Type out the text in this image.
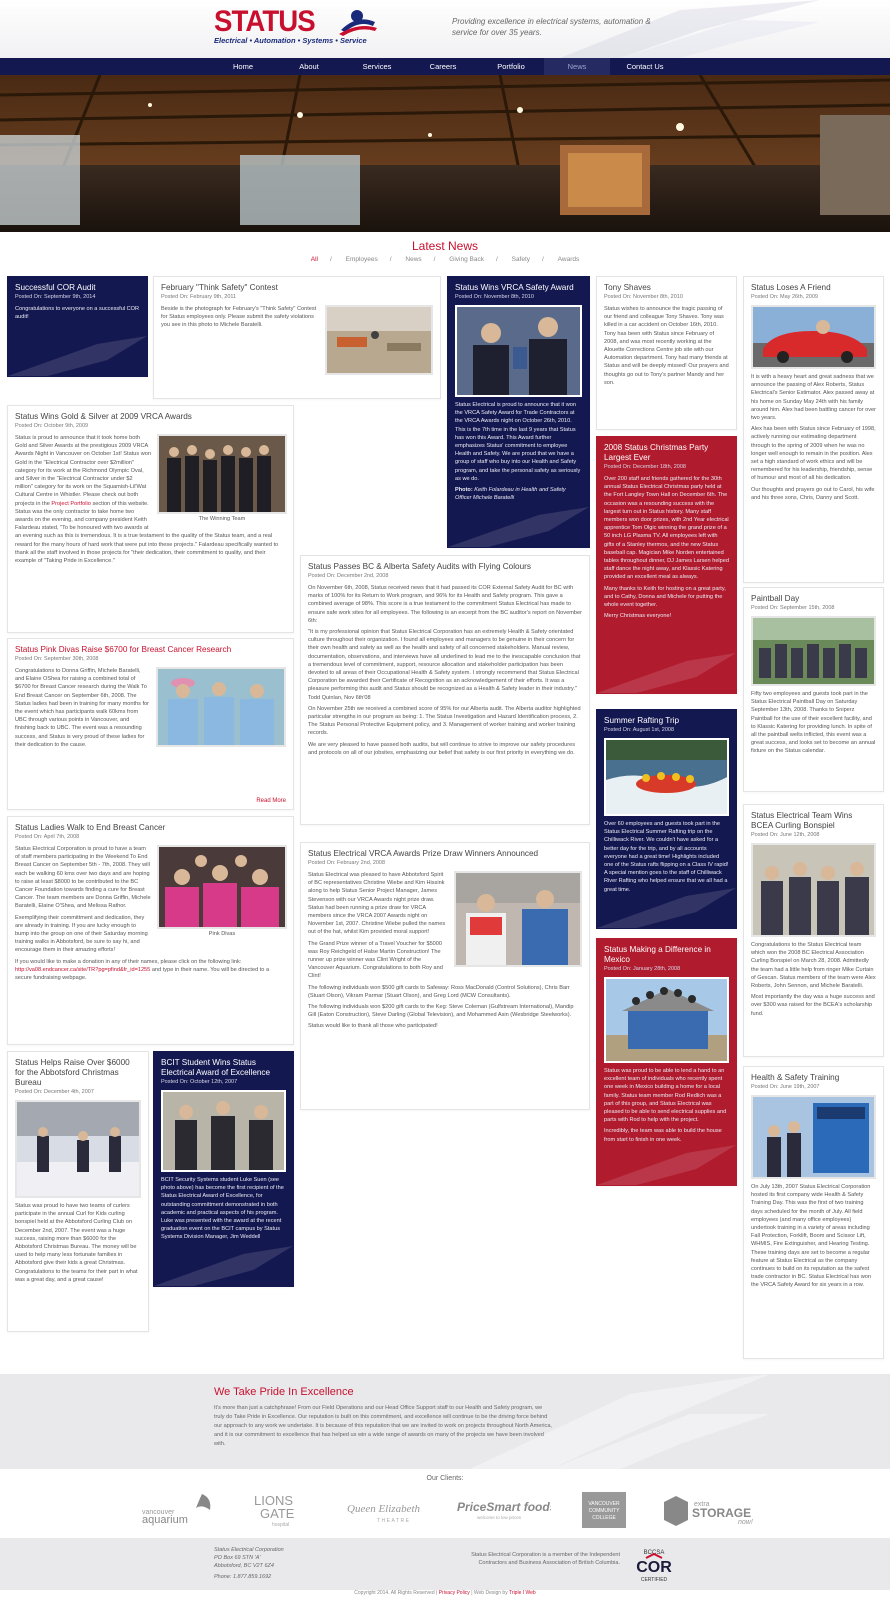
STATUS
Electrical • Automation • Systems • Service
Providing excellence in electrical systems, automation & service for over 35 years.
Home	About	Services	Careers	Portfolio	News	Contact Us
Latest News
All / Employees / News / Giving Back / Safety / Awards
Successful COR Audit
Posted On: September 9th, 2014

Congratulations to everyone on a successful COR audit!

February "Think Safety" Contest
Posted On: February 9th, 2011

Beside is the photograph for February's "Think Safety" Contest for Status employees only. Please submit the safety violations you see in this photo to Michele Baratelli.

Status Wins Gold & Silver at 2009 VRCA Awards
Posted On: October 9th, 2009
The Winning Team

Status is proud to announce that it took home both Gold and Silver Awards at the prestigious 2009 VRCA Awards Night in Vancouver on October 1st! Status won Gold in the "Electrical Contractor over $2million" category for its work at the Richmond Olympic Oval, and Silver in the "Electrical Contractor under $2 million" category for its work on the Squamish-Lil'Wat Cultural Centre in Whistler. Please check out both projects in the Project Portfolio section of this website. Status was the only contractor to take home two awards on the evening, and company president Keith Falardeau stated, "To be honoured with two awards at an evening such as this is tremendous. It is a true testament to the quality of the Status team, and a real reward for the many hours of hard work that were put into these projects." Falardeau specifically wanted to thank all the staff involved in those projects for "their dedication, their commitment to quality, and their example of "Taking Pride in Excellence."

Status Pink Divas Raise $6700 for Breast Cancer Research
Posted On: September 30th, 2008

Congratulations to Donna Griffin, Michele Baratelli, and Elaine OShea for raising a combined total of $6700 for Breast Cancer research during the Walk To End Breast Cancer on September 6th, 2008. The Status ladies had been in training for many months for the event which has participants walk 60kms from UBC through various points in Vancouver, and finishing back to UBC. The event was a resounding success, and Status is very proud of these ladies for their dedication to the cause.

Read More
Status Ladies Walk to End Breast Cancer
Posted On: April 7th, 2008
Pink Divas

Status Electrical Corporation is proud to have a team of staff members participating in the Weekend To End Breast Cancer on September 5th - 7th, 2008. They will each be walking 60 kms over two days and are hoping to raise at least $8000 to be contributed to the BC Cancer Foundation towards finding a cure for Breast Cancer. The team members are Donna Griffin, Michele Baratelli, Elaine O'Shea, and Melissa Rathor.

Exemplifying their committment and dedication, they are already in training. If you are lucky enough to bump into the group on one of their Saturday morning training walks in Abbotsford, be sure to say hi, and encourage them in their amazing efforts!

If you would like to make a donation in any of their names, please click on the following link: http://va08.endcancer.ca/site/TR?pg=pfind&fr_id=1255 and type in their name. You will be directed to a secure fundraising webpage.

Status Helps Raise Over $6000 for the Abbotsford Christmas Bureau
Posted On: December 4th, 2007

Status was proud to have two teams of curlers participate in the annual Curl for Kids curling bonspiel held at the Abbotsford Curling Club on December 2nd, 2007. The event was a huge success, raising more than $6000 for the Abbotsford Christmas Bureau. The money will be used to help many less fortunate families in Abbotsford give their kids a great Christmas. Congratulations to the teams for their part in what was a great day, and a great cause!

BCIT Student Wins Status Electrical Award of Excellence
Posted On: October 12th, 2007

BCIT Security Systems student Luke Suen (see photo above) has become the first recipient of the Status Electrical Award of Excellence, for outstanding committment demonstrated in both academic and practical aspects of his program. Luke was presented with the award at the recent graduation event on the BCIT campus by Status Systems Division Manager, Jim Weddell

Status Passes BC & Alberta Safety Audits with Flying Colours
Posted On: December 2nd, 2008

On November 6th, 2008, Status received news that it had passed its COR External Safety Audit for BC with marks of 100% for its Return to Work program, and 96% for its Health and Safety program. This gave a combined average of 98%. This score is a true testament to the commitment Status Electrical has made to ensure safe work sites for all employees. The following is an excerpt from the BC auditor's report on November 6th:

"It is my professional opinion that Status Electrical Corporation has an extremely Health & Safety orientated culture throughout their organization. I found all employees and managers to be genuine in their concern for their own health and safety as well as the health and safety of all concerned stakeholders. Manual review, documentation, observations, and interviews have all underlined to lead me to the inescapable conclusion that a tremendous level of commitment, support, resource allocation and stakeholder participation has been devoted to all areas of their Occupational Health & Safety system. I strongly recommend that Status Electrical Corporation be awarded their Certificate of Recognition as an acknowledgement of their efforts. It was a pleasure performing this audit and Status should be recognized as a Health & Safety leader in their industry." Todd Quinlan, Nov 6th'08

On November 25th we received a combined score of 95% for our Alberta audit. The Alberta auditor highlighted particular strengths in our program as being: 1. The Status Investigation and Hazard Identification process, 2. The Status Personal Protective Equipment policy, and 3. Management of worker training and worker training records.

We are very pleased to have passed both audits, but will continue to strive to improve our safety procedures and protocols on all of our jobsites, emphasizing our belief that safety is our first priority in everything we do.

Status Electrical VRCA Awards Prize Draw Winners Announced
Posted On: February 2nd, 2008

Status Electrical was pleased to have Abbotsford Spirit of BC representatives Christine Wiebe and Kim Hissink along to help Status Senior Project Manager, James Stevenson with our VRCA Awards night prize draw. Status had been running a prize draw for VRCA members since the VRCA 2007 Awards night on November 1st, 2007. Christine Wiebe pulled the names out of the hat, whilst Kim provided moral support!

The Grand Prize winner of a Travel Voucher for $5000 was Roy Reichgeld of Halse Martin Construction! The runner up prize winner was Clint Wright of the Vancouver Aquarium. Congratulations to both Roy and Clint!

The following individuals won $500 gift cards to Safeway: Ross MacDonald (Control Solutions), Chris Barr (Stuart Olson), Vikram Parmar (Stuart Olson), and Greg Lord (MCW Consultants).

The following individuals won $200 gift cards to the Keg: Steve Coleman (Gulfstream International), Mandip Gill (Eaton Construction), Steve Darling (Global Television), and Mohammed Asin (Wesbridge Steelworks).

Status would like to thank all those who participated!

Status Wins VRCA Safety Award
Posted On: November 8th, 2010

Status Electrical is proud to announce that it won the VRCA Safety Award for Trade Contractors at the VRCA Awards night on October 26th, 2010. This is the 7th time in the last 9 years that Status has won this Award. This Award further emphasizes Status' commitment to employee Health and Safety. We are proud that we have a group of staff who buy into our Health and Safety program, and take the personal safety as seriously as we do.

Photo: Keith Folardeau in Health and Safety Officer Michele Baratelli

Tony Shaves
Posted On: November 8th, 2010

Status wishes to announce the tragic passing of our friend and colleague Tony Shaves. Tony was killed in a car accident on October 16th, 2010. Tony has been with Status since February of 2008, and was most recently working at the Alouette Corrections Centre job site with our Automation department. Tony had many friends at Status and will be deeply missed! Our prayers and thoughts go out to Tony's partner Mandy and her son.

2008 Status Christmas Party Largest Ever
Posted On: December 18th, 2008

Over 200 staff and friends gathered for the 30th annual Status Electrical Christmas party held at the Fort Langley Town Hall on December 6th. The occasion was a resounding success with the largest turn out in Status history. Many staff members won door prizes, with 2nd Year electrical apprentice Tom Olgic winning the grand prize of a 50 inch LG Plasma TV. All employees left with gifts of a Stanley thermos, and the new Status baseball cap. Magician Mike Norden entertained tables throughout dinner, DJ James Larsen helped staff dance the night away, and Klassic Katering provided an excellent meal as always.

Many thanks to Keith for hosting on a great party, and to Cathy, Donna and Michele for putting the whole event together.

Merry Christmas everyone!

Summer Rafting Trip
Posted On: August 1st, 2008

Over 60 employees and guests took part in the Status Electrical Summer Rafting trip on the Chilliwack River. We couldn't have asked for a better day for the trip, and by all accounts everyone had a great time! Highlights included one of the Status rafts flipping on a Class IV rapid! A special mention goes to the staff of Chilliwack River Rafting who helped ensure that we all had a great time.

Status Making a Difference in Mexico
Posted On: January 28th, 2008

Status was proud to be able to lend a hand to an excellent team of individuals who recently spent one week in Mexico building a home for a local family. Status team member Rod Redlich was a part of this group, and Status Electrical was pleased to be able to send electrical supplies and parts with Rod to help with the project.

Incredibly, the team was able to build the house from start to finish in one week.

Status Loses A Friend
Posted On: May 26th, 2009

It is with a heavy heart and great sadness that we announce the passing of Alex Roberts, Status Electrical's Senior Estimator. Alex passed away at his home on Sunday May 24th with his family around him. Alex had been battling cancer for over two years.

Alex has been with Status since February of 1998, actively running our estimating department through to the spring of 2009 when he was no longer well enough to remain in the position. Alex set a high standard of work ethics and will be remembered for his leadership, friendship, sense of humour and most of all his dedication.

Our thoughts and prayers go out to Carol, his wife and his three sons, Chris, Danny and Scott.

Paintball Day
Posted On: September 15th, 2008

Fifty two employees and guests took part in the Status Electrical Paintball Day on Saturday September 13th, 2008. Thanks to Sniperz Paintball for the use of their excellent facility, and to Klassic Katering for providing lunch. In spite of all the paintball welts inflicted, this event was a great success, and looks set to become an annual fixture on the Status calendar.

Status Electrical Team Wins BCEA Curling Bonspiel
Posted On: June 12th, 2008

Congratulations to the Status Electrical team which won the 2008 BC Electrical Association Curling Bonspiel on March 28, 2008. Admittedly the team had a little help from ringer Mike Curtain of Gescan. Status members of the team were Alex Roberts, John Sennon, and Michele Baratelli.

Most importantly the day was a huge success and over $300 was raised for the BCEA's scholarship fund.

Health & Safety Training
Posted On: June 19th, 2007

On July 13th, 2007 Status Electrical Corporation hosted its first company wide Health & Safety Training Day. This was the first of two training days scheduled for the month of July. All field employees (and many office employees) undertook training in a variety of areas including Fall Protection, Forklift, Boom and Scissor Lift, WHMIS, Fire Extinguisher, and Hearing Testing. These training days are set to become a regular feature at Status Electrical as the company continues to build on its reputation as the safest trade contractor in BC. Status Electrical has won the VRCA Safety Award for six years in a row.

We Take Pride In Excellence

It's more than just a catchphrase! From our Field Operations and our Head Office Support staff to our Health and Safety program, we truly do Take Pride in Excellence. Our reputation is built on this commitment, and excellence will continue to be the driving force behind our approach to any work we undertake. It is because of this reputation that we are invited to work on projects throughout North America, and it is our commitment to excellence that has helped us win a wide range of awards on many of the projects we have been involved with.

Our Clients:
vancouver
aquarium
LIONS
GATE
hospital
Queen Elizabeth
THEATRE
PriceSmart foods
welcome to low prices
VANCOUVER
COMMUNITY
COLLEGE
extra
STORAGE
now!
Status Electrical Corporation
PO Box 69 STN 'A'
Abbotsford, BC V2T 6Z4
Phone: 1.877.859.1692
Status Electrical Corporation is a member of the Independent Contractors and Business Association of British Columbia.
BCCSA
COR
CERTIFIED
Copyright 2014. All Rights Reserved | Privacy Policy | Web Design by Triple I Web
